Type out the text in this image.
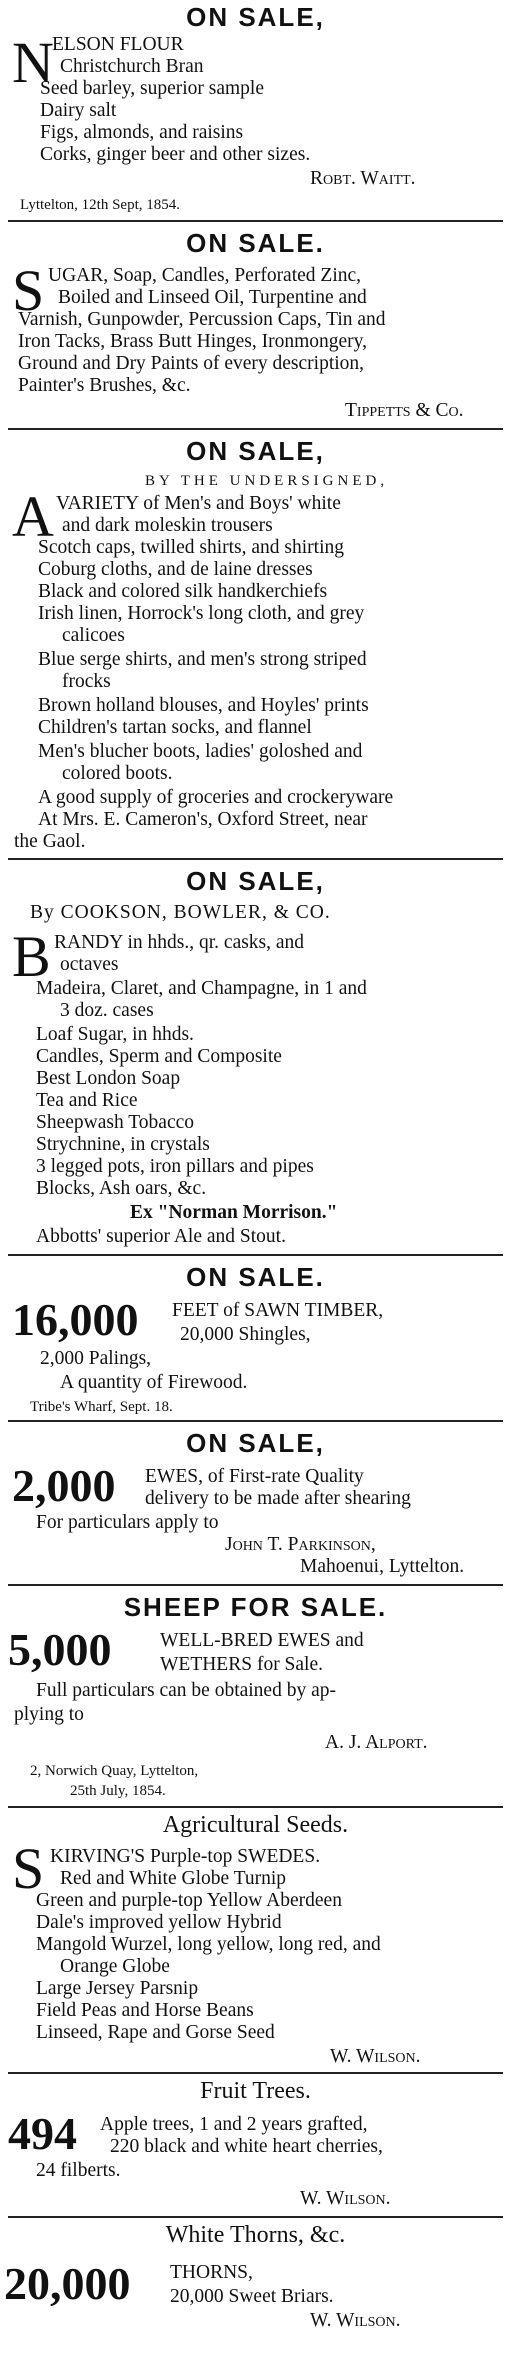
ON SALE,
N
ELSON FLOUR
Christchurch Bran
Seed barley, superior sample
Dairy salt
Figs, almonds, and raisins
Corks, ginger beer and other sizes.
Robt. Waitt.
Lyttelton, 12th Sept, 1854.
ON SALE.
S UGAR, Soap, Candles, Perforated Zinc,
Boiled and Linseed Oil, Turpentine and
Varnish, Gunpowder, Percussion Caps, Tin and
Iron Tacks, Brass Butt Hinges, Ironmongery,
Ground and Dry Paints of every description,
Painter's Brushes, &c.
Tippetts & Co.
ON SALE,
BY THE UNDERSIGNED,
A VARIETY of Men's and Boys' white
and dark moleskin trousers
Scotch caps, twilled shirts, and shirting
Coburg cloths, and de laine dresses
Black and colored silk handkerchiefs
Irish linen, Horrock's long cloth, and grey
calicoes
Blue serge shirts, and men's strong striped
frocks
Brown holland blouses, and Hoyles' prints
Children's tartan socks, and flannel
Men's blucher boots, ladies' goloshed and
colored boots.
A good supply of groceries and crockeryware
At Mrs. E. Cameron's, Oxford Street, near
the Gaol.
ON SALE,
By COOKSON, BOWLER, & CO.
B RANDY in hhds., qr. casks, and
octaves
Madeira, Claret, and Champagne, in 1 and
3 doz. cases
Loaf Sugar, in hhds.
Candles, Sperm and Composite
Best London Soap
Tea and Rice
Sheepwash Tobacco
Strychnine, in crystals
3 legged pots, iron pillars and pipes
Blocks, Ash oars, &c.
Ex "Norman Morrison."
Abbotts' superior Ale and Stout.
ON SALE.
16,000 FEET of SAWN TIMBER,
20,000 Shingles,
2,000 Palings,
A quantity of Firewood.
Tribe's Wharf, Sept. 18.
ON SALE,
2,000 EWES, of First-rate Quality
delivery to be made after shearing
For particulars apply to
John T. Parkinson,
Mahoenui, Lyttelton.
SHEEP FOR SALE.
5,000 WELL-BRED EWES and
WETHERS for Sale.
Full particulars can be obtained by ap-
plying to
A. J. Alport.
2, Norwich Quay, Lyttelton,
25th July, 1854.
Agricultural Seeds.
S KIRVING'S Purple-top SWEDES.
Red and White Globe Turnip
Green and purple-top Yellow Aberdeen
Dale's improved yellow Hybrid
Mangold Wurzel, long yellow, long red, and
Orange Globe
Large Jersey Parsnip
Field Peas and Horse Beans
Linseed, Rape and Gorse Seed
W. Wilson.
Fruit Trees.
494 Apple trees, 1 and 2 years grafted,
220 black and white heart cherries,
24 filberts.
W. Wilson.
White Thorns, &c.
20,000 THORNS,
20,000 Sweet Briars.
W. Wilson.
